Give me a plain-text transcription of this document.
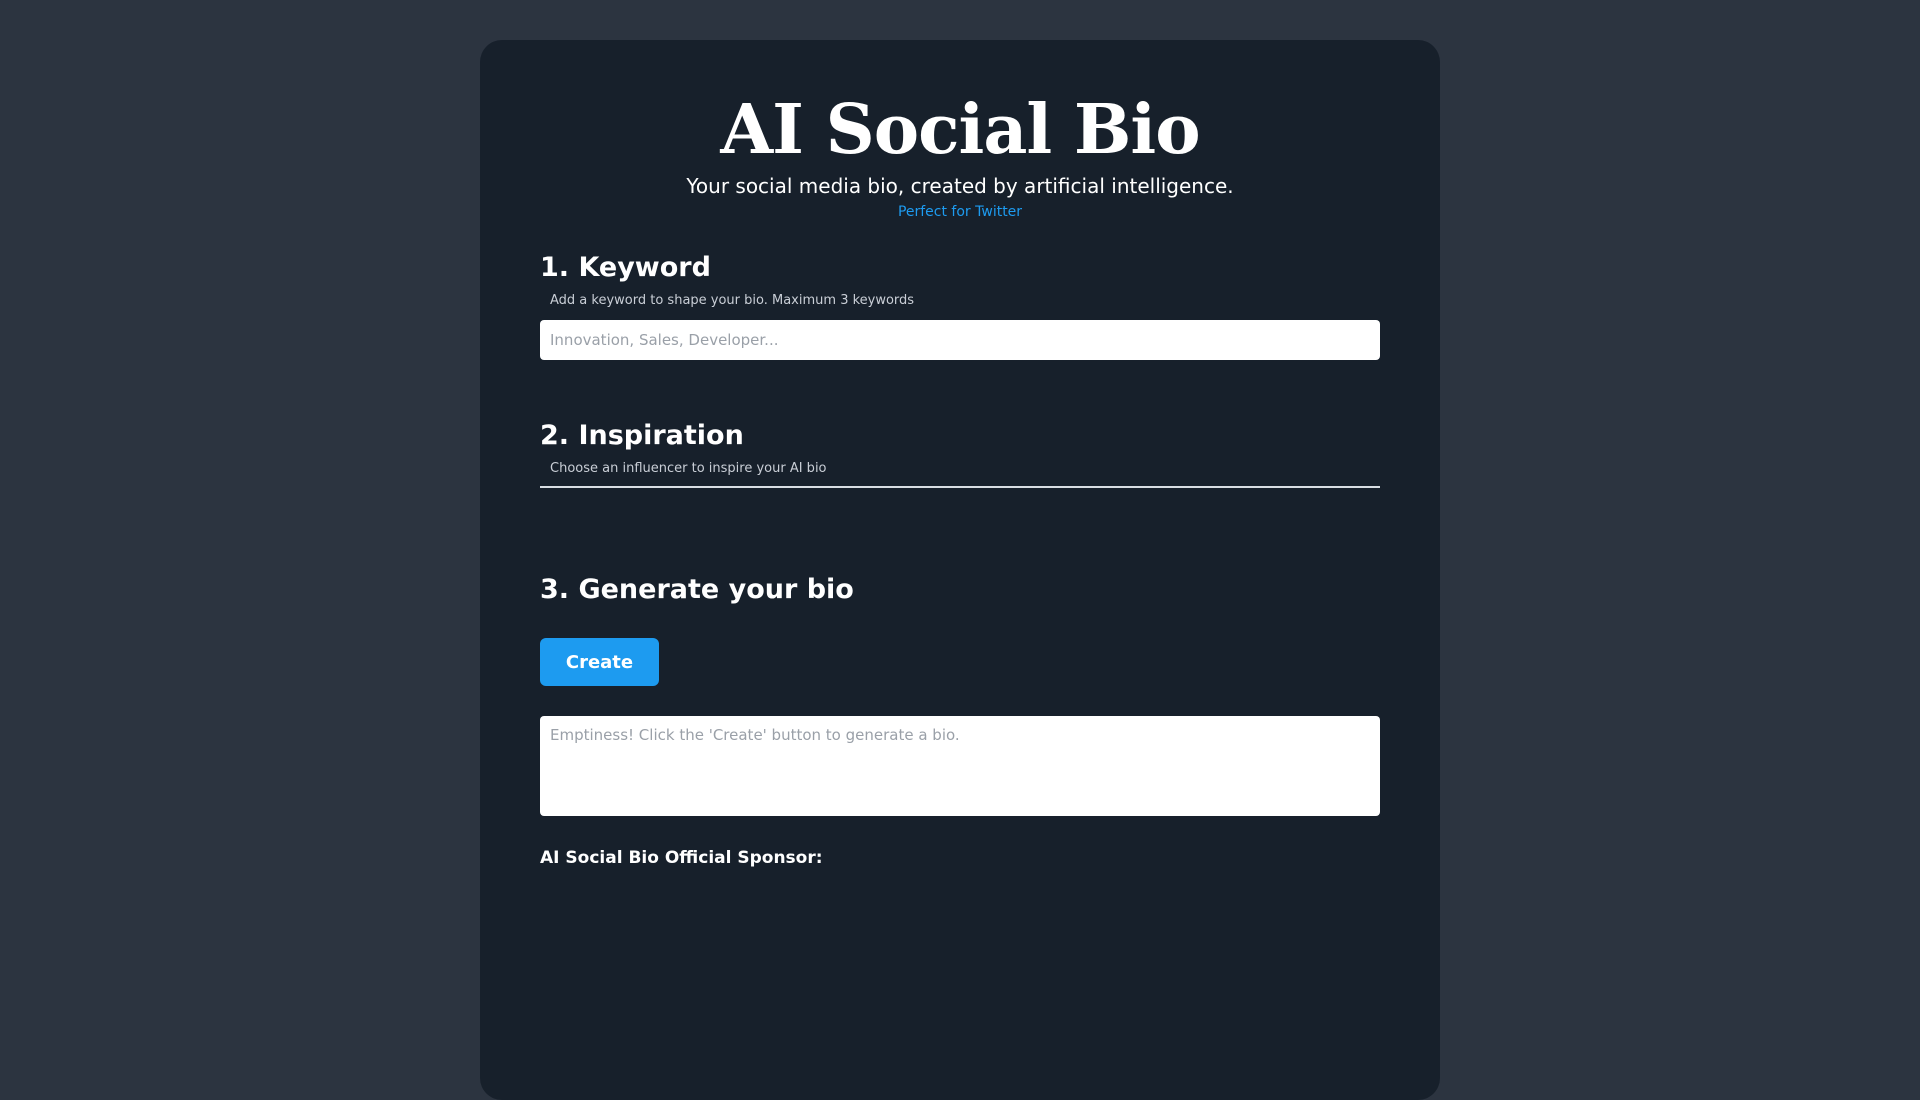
AI Social Bio

Your social media bio, created by artificial intelligence.

Perfect for Twitter
1. Keyword
Add a keyword to shape your bio. Maximum 3 keywords
Innovation, Sales, Developer...
2. Inspiration
Choose an influencer to inspire your AI bio
3. Generate your bio
Create
Emptiness! Click the 'Create' button to generate a bio.
AI Social Bio Official Sponsor:
